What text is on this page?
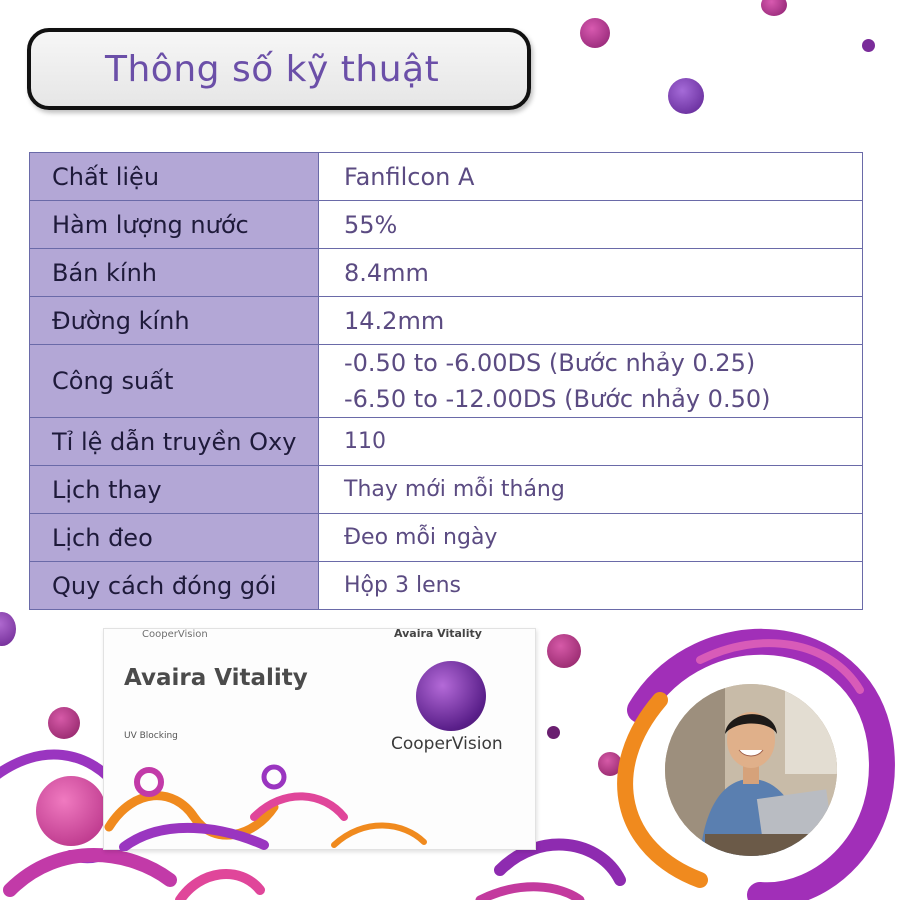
Thông số kỹ thuật
Chất liệu	Fanfilcon A
Hàm lượng nước	55%
Bán kính	8.4mm
Đường kính	14.2mm
Công suất	-0.50 to -6.00DS (Bước nhảy 0.25)
-6.50 to -12.00DS (Bước nhảy 0.50)

Tỉ lệ dẫn truyền Oxy	110
Lịch thay	Thay mới mỗi tháng
Lịch đeo	Đeo mỗi ngày
Quy cách đóng gói	Hộp 3 lens
CooperVision	Avaira Vitality
Avaira Vitality
UV Blocking	CooperVision
